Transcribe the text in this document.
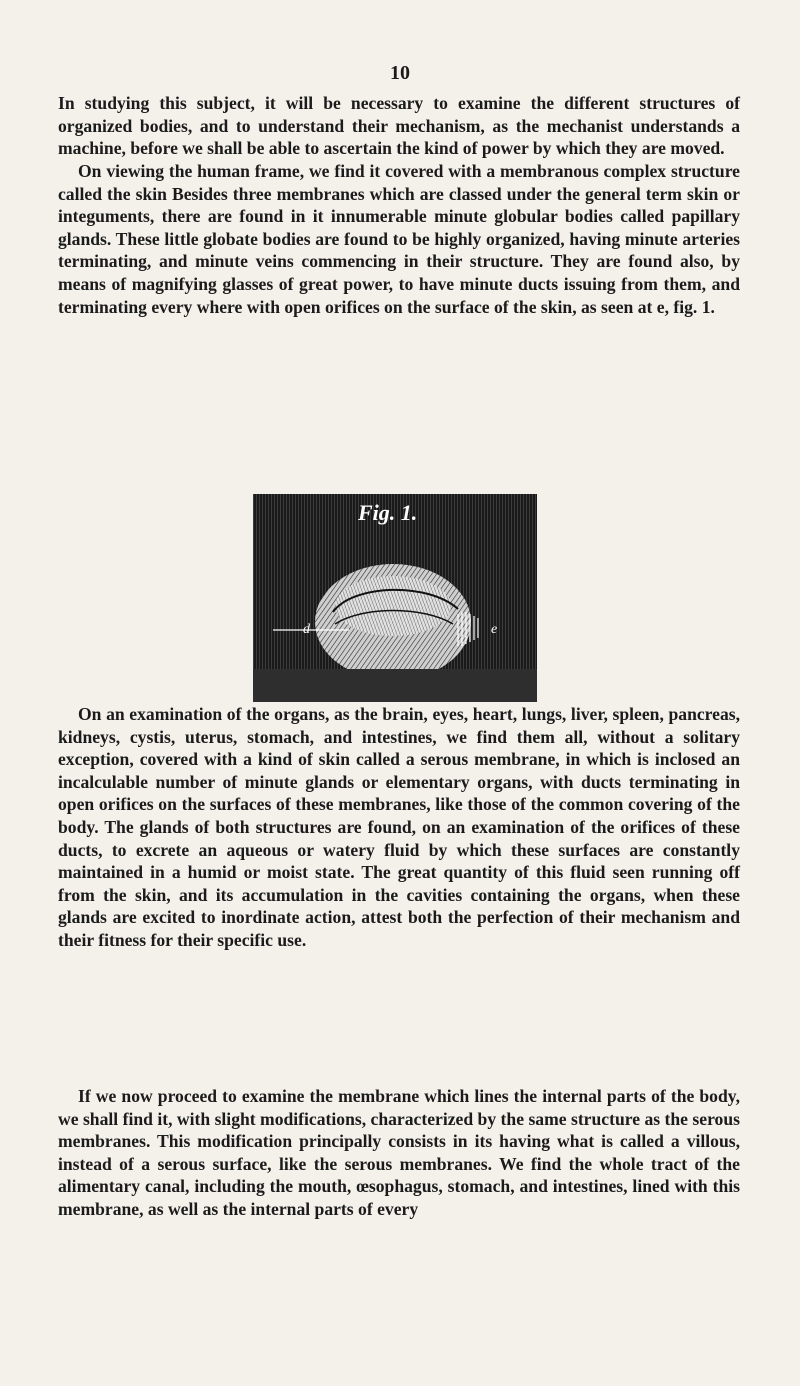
10

In studying this subject, it will be necessary to examine the different structures of organized bodies, and to understand their mechanism, as the mechanist understands a machine, before we shall be able to ascertain the kind of power by which they are moved.

On viewing the human frame, we find it covered with a membranous complex structure called the skin Besides three membranes which are classed under the general term skin or integuments, there are found in it innumerable minute globular bodies called papillary glands. These little globate bodies are found to be highly organized, having minute arteries terminating, and minute veins commencing in their structure. They are found also, by means of magnifying glasses of great power, to have minute ducts issuing from them, and terminating every where with open orifices on the surface of the skin, as seen at e, fig. 1.

Fig. 1.
d	e

On an examination of the organs, as the brain, eyes, heart, lungs, liver, spleen, pancreas, kidneys, cystis, uterus, stomach, and intestines, we find them all, without a solitary exception, covered with a kind of skin called a serous membrane, in which is inclosed an incalculable number of minute glands or elementary organs, with ducts terminating in open orifices on the surfaces of these membranes, like those of the common covering of the body. The glands of both structures are found, on an examination of the orifices of these ducts, to excrete an aqueous or watery fluid by which these surfaces are constantly maintained in a humid or moist state. The great quantity of this fluid seen running off from the skin, and its accumulation in the cavities containing the organs, when these glands are excited to inordinate action, attest both the perfection of their mechanism and their fitness for their specific use.

If we now proceed to examine the membrane which lines the internal parts of the body, we shall find it, with slight modifications, characterized by the same structure as the serous membranes. This modification principally consists in its having what is called a villous, instead of a serous surface, like the serous membranes. We find the whole tract of the alimentary canal, including the mouth, œsophagus, stomach, and intestines, lined with this membrane, as well as the internal parts of every
